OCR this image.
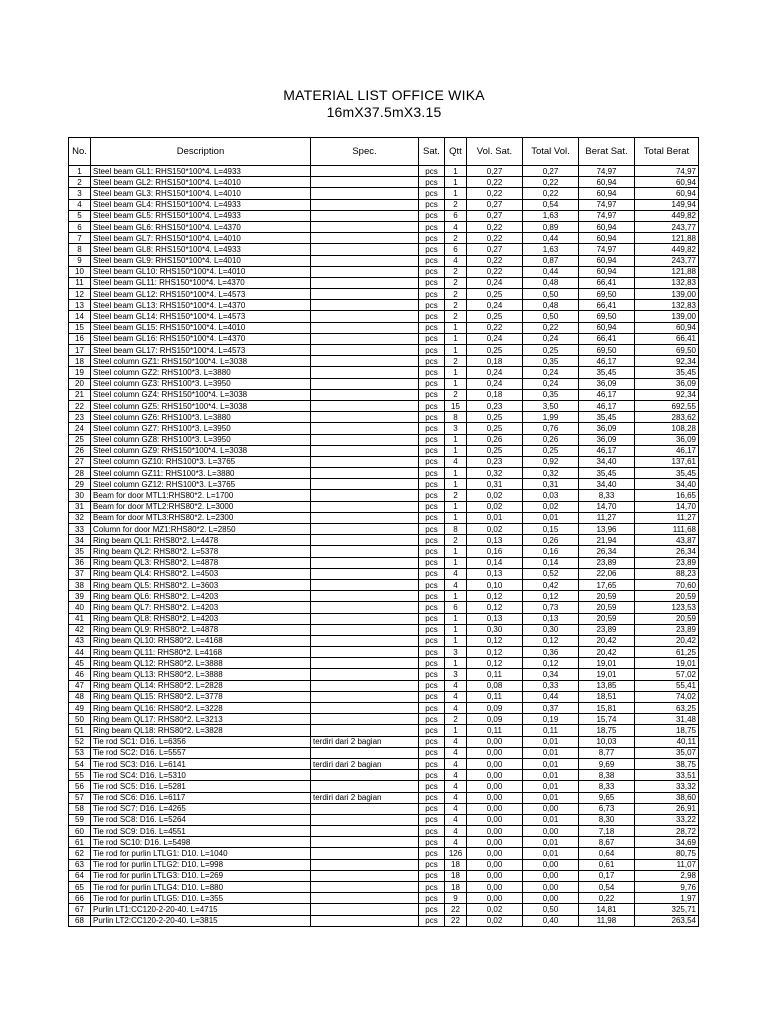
MATERIAL LIST OFFICE WIKA
16mX37.5mX3.15
No.	Description	Spec.	Sat.	Qtt	Vol. Sat.	Total Vol.	Berat Sat.	Total Berat
1	Steel beam GL1: RHS150*100*4. L=4933		pcs	1	0,27	0,27	74,97	74,97
2	Steel beam GL2: RHS150*100*4. L=4010		pcs	1	0,22	0,22	60,94	60,94
3	Steel beam GL3: RHS150*100*4. L=4010		pcs	1	0,22	0,22	60,94	60,94
4	Steel beam GL4: RHS150*100*4. L=4933		pcs	2	0,27	0,54	74,97	149,94
5	Steel beam GL5: RHS150*100*4. L=4933		pcs	6	0,27	1,63	74,97	449,82
6	Steel beam GL6: RHS150*100*4. L=4370		pcs	4	0,22	0,89	60,94	243,77
7	Steel beam GL7: RHS150*100*4. L=4010		pcs	2	0,22	0,44	60,94	121,88
8	Steel beam GL8: RHS150*100*4. L=4933		pcs	6	0,27	1,63	74,97	449,82
9	Steel beam GL9: RHS150*100*4. L=4010		pcs	4	0,22	0,87	60,94	243,77
10	Steel beam GL10: RHS150*100*4. L=4010		pcs	2	0,22	0,44	60,94	121,88
11	Steel beam GL11: RHS150*100*4. L=4370		pcs	2	0,24	0,48	66,41	132,83
12	Steel beam GL12: RHS150*100*4. L=4573		pcs	2	0,25	0,50	69,50	139,00
13	Steel beam GL13: RHS150*100*4. L=4370		pcs	2	0,24	0,48	66,41	132,83
14	Steel beam GL14: RHS150*100*4. L=4573		pcs	2	0,25	0,50	69,50	139,00
15	Steel beam GL15: RHS150*100*4. L=4010		pcs	1	0,22	0,22	60,94	60,94
16	Steel beam GL16: RHS150*100*4. L=4370		pcs	1	0,24	0,24	66,41	66,41
17	Steel beam GL17: RHS150*100*4. L=4573		pcs	1	0,25	0,25	69,50	69,50
18	Steel column GZ1: RHS150*100*4. L=3038		pcs	2	0,18	0,35	46,17	92,34
19	Steel column GZ2: RHS100*3. L=3880		pcs	1	0,24	0,24	35,45	35,45
20	Steel column GZ3: RHS100*3. L=3950		pcs	1	0,24	0,24	36,09	36,09
21	Steel column GZ4: RHS150*100*4. L=3038		pcs	2	0,18	0,35	46,17	92,34
22	Steel column GZ5: RHS150*100*4. L=3038		pcs	15	0,23	3,50	46,17	692,55
23	Steel column GZ6: RHS100*3. L=3880		pcs	8	0,25	1,99	35,45	283,62
24	Steel column GZ7: RHS100*3. L=3950		pcs	3	0,25	0,76	36,09	108,28
25	Steel column GZ8: RHS100*3. L=3950		pcs	1	0,26	0,26	36,09	36,09
26	Steel column GZ9: RHS150*100*4. L=3038		pcs	1	0,25	0,25	46,17	46,17
27	Steel column GZ10: RHS100*3. L=3765		pcs	4	0,23	0,92	34,40	137,61
28	Steel column GZ11: RHS100*3. L=3880		pcs	1	0,32	0,32	35,45	35,45
29	Steel column GZ12: RHS100*3. L=3765		pcs	1	0,31	0,31	34,40	34,40
30	Beam for door MTL1:RHS80*2. L=1700		pcs	2	0,02	0,03	8,33	16,65
31	Beam for door MTL2:RHS80*2. L=3000		pcs	1	0,02	0,02	14,70	14,70
32	Beam for door MTL3:RHS80*2. L=2300		pcs	1	0,01	0,01	11,27	11,27
33	Column for door MZ1:RHS80*2. L=2850		pcs	8	0,02	0,15	13,96	111,68
34	Ring beam QL1: RHS80*2. L=4478		pcs	2	0,13	0,26	21,94	43,87
35	Ring beam QL2: RHS80*2. L=5378		pcs	1	0,16	0,16	26,34	26,34
36	Ring beam QL3: RHS80*2. L=4878		pcs	1	0,14	0,14	23,89	23,89
37	Ring beam QL4: RHS80*2. L=4503		pcs	4	0,13	0,52	22,06	88,23
38	Ring beam QL5: RHS80*2. L=3603		pcs	4	0,10	0,42	17,65	70,60
39	Ring beam QL6: RHS80*2. L=4203		pcs	1	0,12	0,12	20,59	20,59
40	Ring beam QL7: RHS80*2. L=4203		pcs	6	0,12	0,73	20,59	123,53
41	Ring beam QL8: RHS80*2. L=4203		pcs	1	0,13	0,13	20,59	20,59
42	Ring beam QL9: RHS80*2. L=4878		pcs	1	0,30	0,30	23,89	23,89
43	Ring beam QL10: RHS80*2. L=4168		pcs	1	0,12	0,12	20,42	20,42
44	Ring beam QL11: RHS80*2. L=4168		pcs	3	0,12	0,36	20,42	61,25
45	Ring beam QL12: RHS80*2. L=3888		pcs	1	0,12	0,12	19,01	19,01
46	Ring beam QL13: RHS80*2. L=3888		pcs	3	0,11	0,34	19,01	57,02
47	Ring beam QL14: RHS80*2. L=2828		pcs	4	0,08	0,33	13,85	55,41
48	Ring beam QL15: RHS80*2. L=3778		pcs	4	0,11	0,44	18,51	74,02
49	Ring beam QL16: RHS80*2. L=3228		pcs	4	0,09	0,37	15,81	63,25
50	Ring beam QL17: RHS80*2. L=3213		pcs	2	0,09	0,19	15,74	31,48
51	Ring beam QL18: RHS80*2. L=3828		pcs	1	0,11	0,11	18,75	18,75
52	Tie rod SC1: D16. L=6356	terdiri dari 2 bagian	pcs	4	0,00	0,01	10,03	40,11
53	Tie rod SC2: D16. L=5557		pcs	4	0,00	0,01	8,77	35,07
54	Tie rod SC3: D16. L=6141	terdiri dari 2 bagian	pcs	4	0,00	0,01	9,69	38,75
55	Tie rod SC4: D16. L=5310		pcs	4	0,00	0,01	8,38	33,51
56	Tie rod SC5: D16. L=5281		pcs	4	0,00	0,01	8,33	33,32
57	Tie rod SC6: D16. L=6117	terdiri dari 2 bagian	pcs	4	0,00	0,01	9,65	38,60
58	Tie rod SC7: D16. L=4265		pcs	4	0,00	0,00	6,73	26,91
59	Tie rod SC8: D16. L=5264		pcs	4	0,00	0,01	8,30	33,22
60	Tie rod SC9: D16. L=4551		pcs	4	0,00	0,00	7,18	28,72
61	Tie rod SC10: D16. L=5498		pcs	4	0,00	0,01	8,67	34,69
62	Tie rod for purlin LTLG1: D10. L=1040		pcs	126	0,00	0,01	0,64	80,75
63	Tie rod for purlin LTLG2: D10. L=998		pcs	18	0,00	0,00	0,61	11,07
64	Tie rod for purlin LTLG3: D10. L=269		pcs	18	0,00	0,00	0,17	2,98
65	Tie rod for purlin LTLG4: D10. L=880		pcs	18	0,00	0,00	0,54	9,76
66	Tie rod for purlin LTLG5: D10. L=355		pcs	9	0,00	0,00	0,22	1,97
67	Purlin LT1:CC120-2-20-40. L=4715		pcs	22	0,02	0,50	14,81	325,71
68	Purlin LT2:CC120-2-20-40. L=3815		pcs	22	0,02	0,40	11,98	263,54
